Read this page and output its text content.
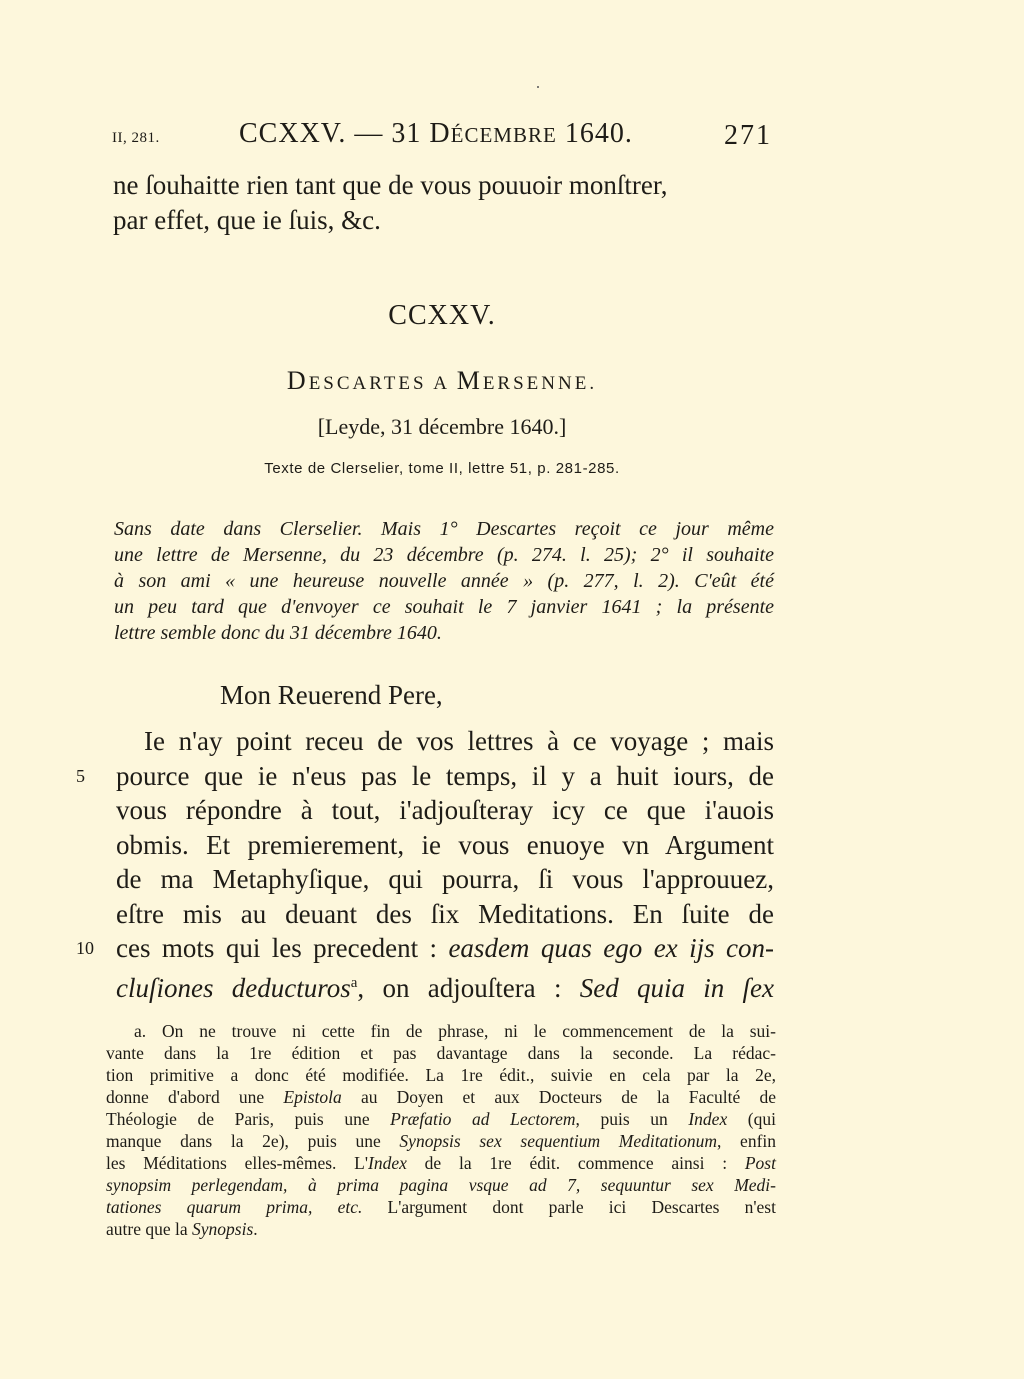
II, 281.	CCXXV. — 31 DÉCEMBRE 1640.	271
ne ſouhaitte rien tant que de vous pouuoir monſtrer,
par effet, que ie ſuis, &c.
CCXXV.
DESCARTES A MERSENNE.
[Leyde, 31 décembre 1640.]
Texte de Clerselier, tome II, lettre 51, p. 281-285.
Sans date dans Clerselier. Mais 1° Descartes reçoit ce jour même
une lettre de Mersenne, du 23 décembre (p. 274. l. 25); 2° il souhaite
à son ami « une heureuse nouvelle année » (p. 277, l. 2). C'eût été
un peu tard que d'envoyer ce souhait le 7 janvier 1641 ; la présente
lettre semble donc du 31 décembre 1640.
Mon Reuerend Pere,
Ie n'ay point receu de vos lettres à ce voyage ; mais
5 pource que ie n'eus pas le temps, il y a huit iours, de
vous répondre à tout, i'adjouſteray icy ce que i'auois
obmis. Et premierement, ie vous enuoye vn Argument
de ma Metaphyſique, qui pourra, ſi vous l'approuuez,
eſtre mis au deuant des ſix Meditations. En ſuite de
10 ces mots qui les precedent : easdem quas ego ex ijs con-
cluſiones deducturos$^a$, on adjouſtera : Sed quia in ſex
a. On ne trouve ni cette fin de phrase, ni le commencement de la sui-
vante dans la 1re édition et pas davantage dans la seconde. La rédac-
tion primitive a donc été modifiée. La 1re édit., suivie en cela par la 2e,
donne d'abord une Epistola au Doyen et aux Docteurs de la Faculté de
Théologie de Paris, puis une Præfatio ad Lectorem, puis un Index (qui
manque dans la 2e), puis une Synopsis sex sequentium Meditationum, enfin
les Méditations elles-mêmes. L'Index de la 1re édit. commence ainsi : Post
synopsim perlegendam, à prima pagina vsque ad 7, sequuntur sex Medi-
tationes quarum prima, etc. L'argument dont parle ici Descartes n'est
autre que la Synopsis.
